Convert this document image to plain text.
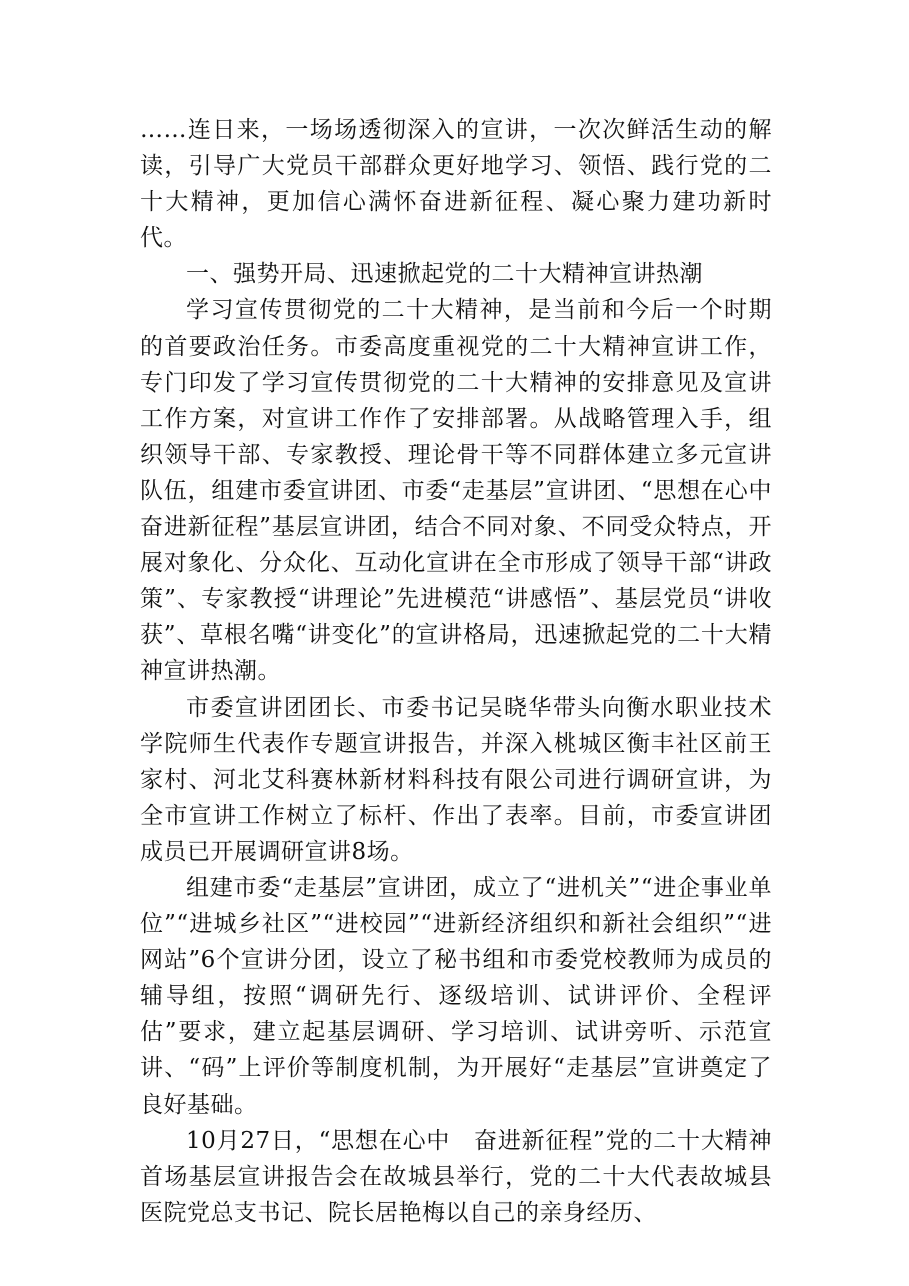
……连日来，一场场透彻深入的宣讲，一次次鲜活生动的解读，引导广大党员干部群众更好地学习、领悟、践行党的二十大精神，更加信心满怀奋进新征程、凝心聚力建功新时代。

一、强势开局、迅速掀起党的二十大精神宣讲热潮

学习宣传贯彻党的二十大精神，是当前和今后一个时期的首要政治任务。市委高度重视党的二十大精神宣讲工作，专门印发了学习宣传贯彻党的二十大精神的安排意见及宣讲工作方案，对宣讲工作作了安排部署。从战略管理入手，组织领导干部、专家教授、理论骨干等不同群体建立多元宣讲队伍，组建市委宣讲团、市委“走基层”宣讲团、“思想在心中　奋进新征程”基层宣讲团，结合不同对象、不同受众特点，开展对象化、分众化、互动化宣讲在全市形成了领导干部“讲政策”、专家教授“讲理论”先进模范“讲感悟”、基层党员“讲收获”、草根名嘴“讲变化”的宣讲格局，迅速掀起党的二十大精神宣讲热潮。

市委宣讲团团长、市委书记吴晓华带头向衡水职业技术学院师生代表作专题宣讲报告，并深入桃城区衡丰社区前王家村、河北艾科赛林新材料科技有限公司进行调研宣讲，为全市宣讲工作树立了标杆、作出了表率。目前，市委宣讲团成员已开展调研宣讲8场。

组建市委“走基层”宣讲团，成立了“进机关”“进企事业单位”“进城乡社区”“进校园”“进新经济组织和新社会组织”“进网站”6个宣讲分团，设立了秘书组和市委党校教师为成员的辅导组，按照“调研先行、逐级培训、试讲评价、全程评估”要求，建立起基层调研、学习培训、试讲旁听、示范宣讲、“码”上评价等制度机制，为开展好“走基层”宣讲奠定了良好基础。

10月27日，“思想在心中　奋进新征程”党的二十大精神首场基层宣讲报告会在故城县举行，党的二十大代表故城县医院党总支书记、院长居艳梅以自己的亲身经历、
